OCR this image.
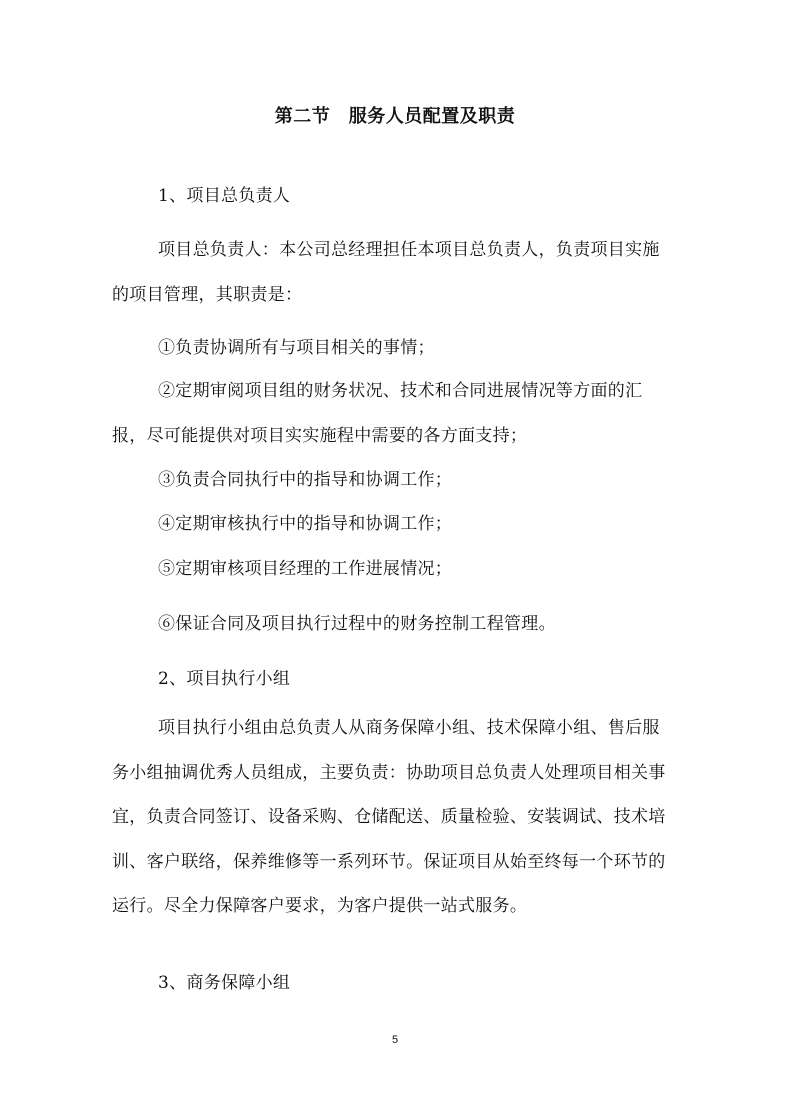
第二节　服务人员配置及职责
1、项目总负责人
项目总负责人：本公司总经理担任本项目总负责人，负责项目实施的项目管理，其职责是：
①负责协调所有与项目相关的事情；
②定期审阅项目组的财务状况、技术和合同进展情况等方面的汇报，尽可能提供对项目实实施程中需要的各方面支持；
③负责合同执行中的指导和协调工作；
④定期审核执行中的指导和协调工作；
⑤定期审核项目经理的工作进展情况；
⑥保证合同及项目执行过程中的财务控制工程管理。
2、项目执行小组
项目执行小组由总负责人从商务保障小组、技术保障小组、售后服务小组抽调优秀人员组成，主要负责：协助项目总负责人处理项目相关事宜，负责合同签订、设备采购、仓储配送、质量检验、安装调试、技术培训、客户联络，保养维修等一系列环节。保证项目从始至终每一个环节的运行。尽全力保障客户要求，为客户提供一站式服务。
3、商务保障小组
5
